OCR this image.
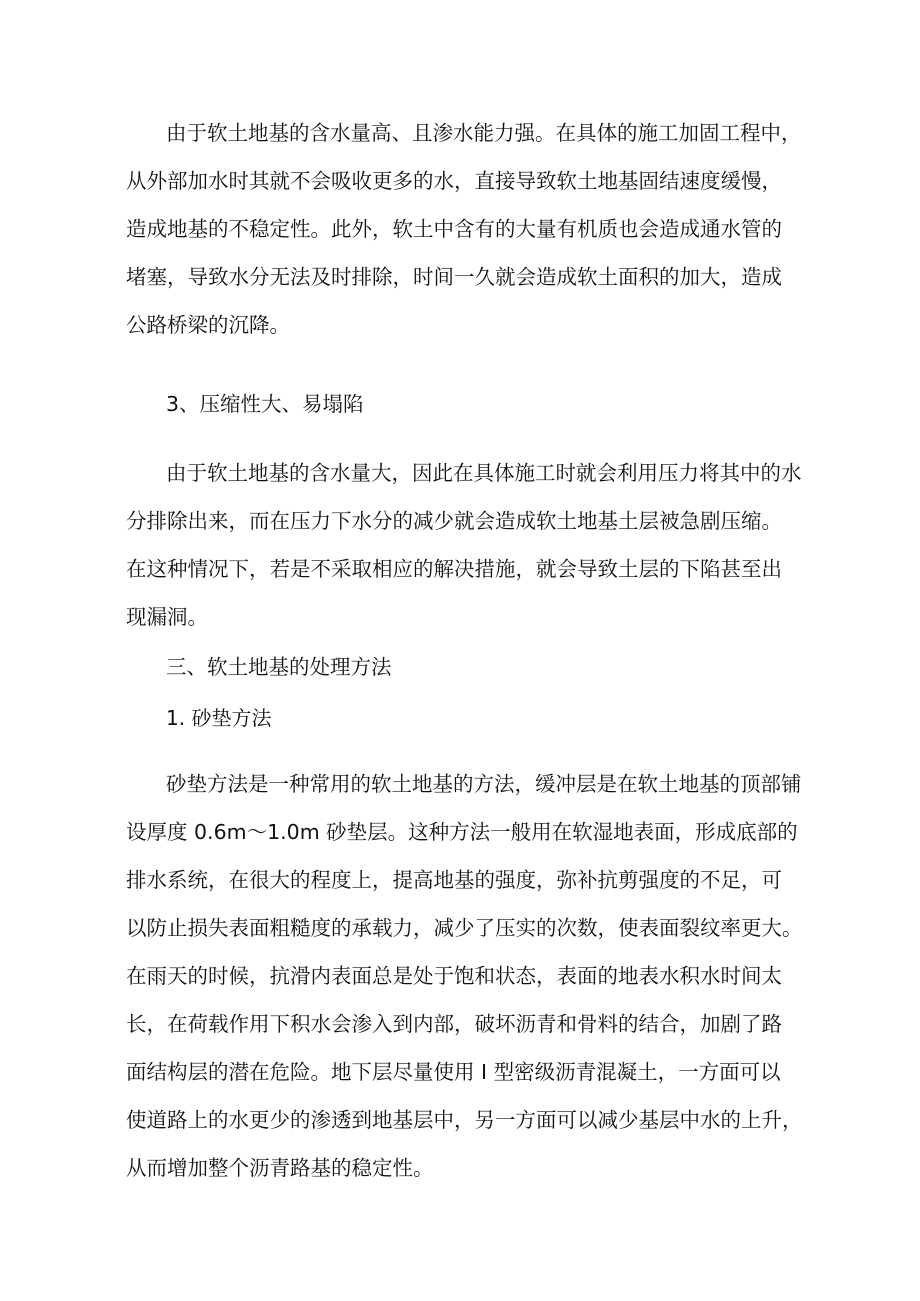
由于软土地基的含水量高、且渗水能力强。在具体的施工加固工程中，
从外部加水时其就不会吸收更多的水，直接导致软土地基固结速度缓慢，
造成地基的不稳定性。此外，软土中含有的大量有机质也会造成通水管的
堵塞，导致水分无法及时排除，时间一久就会造成软土面积的加大，造成
公路桥梁的沉降。
3、压缩性大、易塌陷
由于软土地基的含水量大，因此在具体施工时就会利用压力将其中的水
分排除出来，而在压力下水分的减少就会造成软土地基土层被急剧压缩。
在这种情况下，若是不采取相应的解决措施，就会导致土层的下陷甚至出
现漏洞。
三、软土地基的处理方法
1. 砂垫方法
砂垫方法是一种常用的软土地基的方法，缓冲层是在软土地基的顶部铺
设厚度 0.6m～1.0m 砂垫层。这种方法一般用在软湿地表面，形成底部的
排水系统，在很大的程度上，提高地基的强度，弥补抗剪强度的不足，可
以防止损失表面粗糙度的承载力，减少了压实的次数，使表面裂纹率更大。
在雨天的时候，抗滑内表面总是处于饱和状态，表面的地表水积水时间太
长，在荷载作用下积水会渗入到内部，破坏沥青和骨料的结合，加剧了路
面结构层的潜在危险。地下层尽量使用 I 型密级沥青混凝土，一方面可以
使道路上的水更少的渗透到地基层中，另一方面可以减少基层中水的上升，
从而增加整个沥青路基的稳定性。
